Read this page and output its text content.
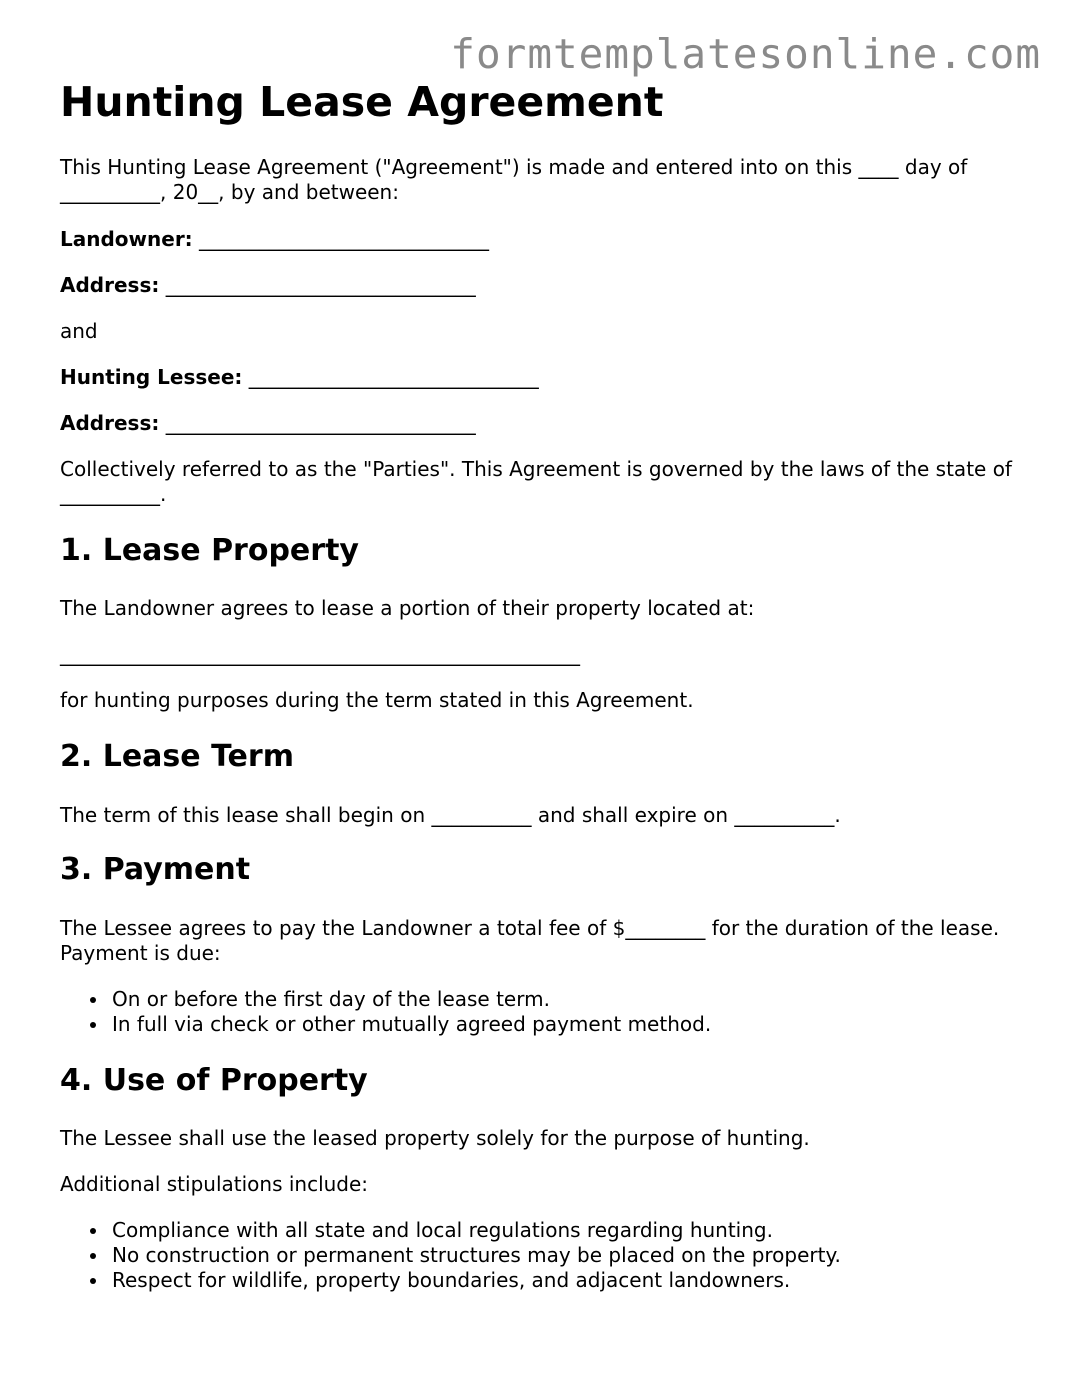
formtemplatesonline.com
Hunting Lease Agreement

This Hunting Lease Agreement ("Agreement") is made and entered into on this ____ day of __________, 20__, by and between:

Landowner: _____________________________

Address: _______________________________

and

Hunting Lessee: _____________________________

Address: _______________________________

Collectively referred to as the "Parties". This Agreement is governed by the laws of the state of __________.

1. Lease Property

The Landowner agrees to lease a portion of their property located at:

____________________________________________________

for hunting purposes during the term stated in this Agreement.

2. Lease Term

The term of this lease shall begin on __________ and shall expire on __________.

3. Payment

The Lessee agrees to pay the Landowner a total fee of $________ for the duration of the lease. Payment is due:

On or before the first day of the lease term.
In full via check or other mutually agreed payment method.
4. Use of Property

The Lessee shall use the leased property solely for the purpose of hunting.

Additional stipulations include:

Compliance with all state and local regulations regarding hunting.
No construction or permanent structures may be placed on the property.
Respect for wildlife, property boundaries, and adjacent landowners.
